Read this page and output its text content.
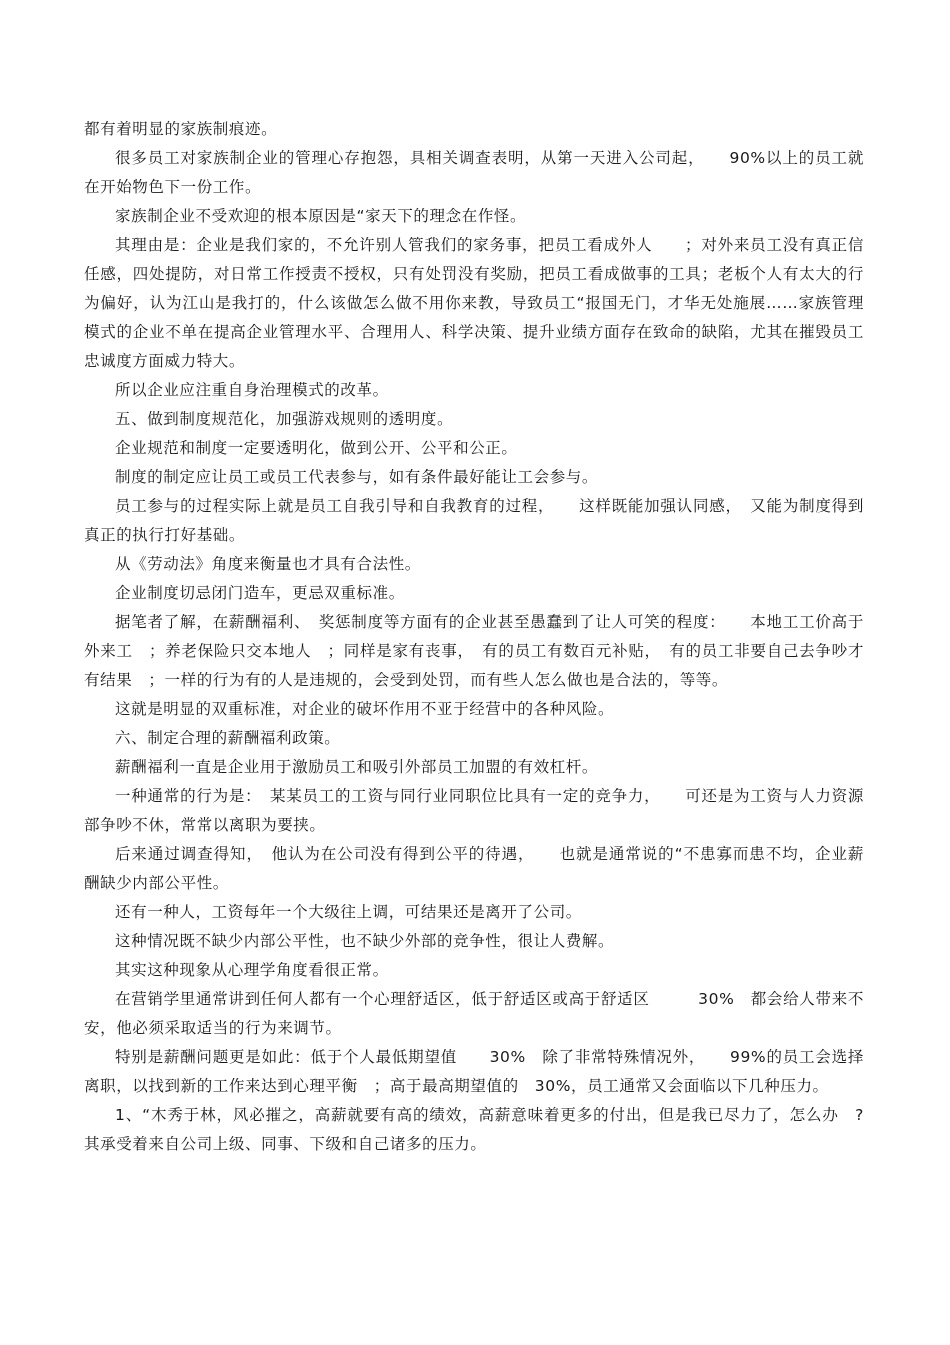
都有着明显的家族制痕迹。

很多员工对家族制企业的管理心存抱怨，具相关调查表明，从第一天进入公司起，　　90%以上的员工就在开始物色下一份工作。

家族制企业不受欢迎的根本原因是“家天下的理念在作怪。

其理由是：企业是我们家的，不允许别人管我们的家务事，把员工看成外人　　；对外来员工没有真正信任感，四处提防，对日常工作授责不授权，只有处罚没有奖励，把员工看成做事的工具；老板个人有太大的行为偏好，认为江山是我打的，什么该做怎么做不用你来教，导致员工“报国无门，才华无处施展……家族管理模式的企业不单在提高企业管理水平、合理用人、科学决策、提升业绩方面存在致命的缺陷，尤其在摧毁员工忠诚度方面威力特大。

所以企业应注重自身治理模式的改革。

五、做到制度规范化，加强游戏规则的透明度。

企业规范和制度一定要透明化，做到公开、公平和公正。

制度的制定应让员工或员工代表参与，如有条件最好能让工会参与。

员工参与的过程实际上就是员工自我引导和自我教育的过程，　　这样既能加强认同感，　又能为制度得到真正的执行打好基础。

从《劳动法》角度来衡量也才具有合法性。

企业制度切忌闭门造车，更忌双重标准。

据笔者了解，在薪酬福利、　奖惩制度等方面有的企业甚至愚蠢到了让人可笑的程度：　　本地工工价高于外来工　；养老保险只交本地人　；同样是家有丧事，　有的员工有数百元补贴，　有的员工非要自己去争吵才有结果　；一样的行为有的人是违规的，会受到处罚，而有些人怎么做也是合法的，等等。

这就是明显的双重标准，对企业的破坏作用不亚于经营中的各种风险。

六、制定合理的薪酬福利政策。

薪酬福利一直是企业用于激励员工和吸引外部员工加盟的有效杠杆。

一种通常的行为是：　某某员工的工资与同行业同职位比具有一定的竞争力，　　可还是为工资与人力资源部争吵不休，常常以离职为要挟。

后来通过调查得知，　他认为在公司没有得到公平的待遇，　　也就是通常说的“不患寡而患不均，企业薪酬缺少内部公平性。

还有一种人，工资每年一个大级往上调，可结果还是离开了公司。

这种情况既不缺少内部公平性，也不缺少外部的竞争性，很让人费解。

其实这种现象从心理学角度看很正常。

在营销学里通常讲到任何人都有一个心理舒适区，低于舒适区或高于舒适区　　　30%　都会给人带来不安，他必须采取适当的行为来调节。

特别是薪酬问题更是如此：低于个人最低期望值　　30%　除了非常特殊情况外，　　99%的员工会选择离职，以找到新的工作来达到心理平衡　；高于最高期望值的　30%，员工通常又会面临以下几种压力。

1、“木秀于林，风必摧之，高薪就要有高的绩效，高薪意味着更多的付出，但是我已尽力了，怎么办　?其承受着来自公司上级、同事、下级和自己诸多的压力。
